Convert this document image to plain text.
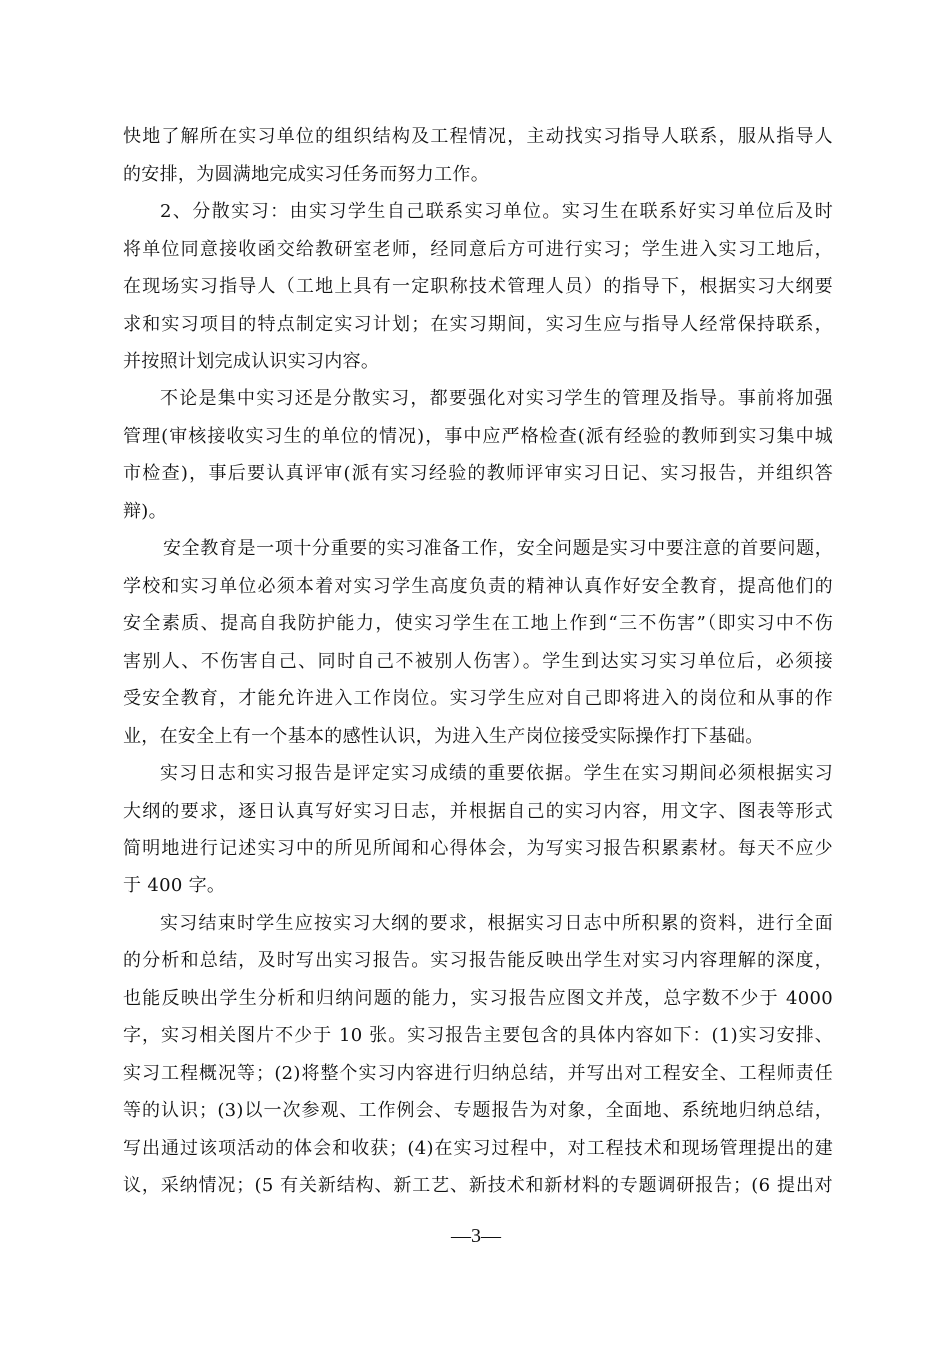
快地了解所在实习单位的组织结构及工程情况，主动找实习指导人联系，服从指导人
的安排，为圆满地完成实习任务而努力工作。
2、分散实习：由实习学生自己联系实习单位。实习生在联系好实习单位后及时
将单位同意接收函交给教研室老师，经同意后方可进行实习；学生进入实习工地后，
在现场实习指导人（工地上具有一定职称技术管理人员）的指导下，根据实习大纲要
求和实习项目的特点制定实习计划；在实习期间，实习生应与指导人经常保持联系，
并按照计划完成认识实习内容。
不论是集中实习还是分散实习，都要强化对实习学生的管理及指导。事前将加强
管理(审核接收实习生的单位的情况)，事中应严格检查(派有经验的教师到实习集中城
市检查)，事后要认真评审(派有实习经验的教师评审实习日记、实习报告，并组织答
辩)。
安全教育是一项十分重要的实习准备工作，安全问题是实习中要注意的首要问题，
学校和实习单位必须本着对实习学生高度负责的精神认真作好安全教育，提高他们的
安全素质、提高自我防护能力，使实习学生在工地上作到“三不伤害”（即实习中不伤
害别人、不伤害自己、同时自己不被别人伤害）。学生到达实习实习单位后，必须接
受安全教育，才能允许进入工作岗位。实习学生应对自己即将进入的岗位和从事的作
业，在安全上有一个基本的感性认识，为进入生产岗位接受实际操作打下基础。
实习日志和实习报告是评定实习成绩的重要依据。学生在实习期间必须根据实习
大纲的要求，逐日认真写好实习日志，并根据自己的实习内容，用文字、图表等形式
简明地进行记述实习中的所见所闻和心得体会，为写实习报告积累素材。每天不应少
于 400 字。
实习结束时学生应按实习大纲的要求，根据实习日志中所积累的资料，进行全面
的分析和总结，及时写出实习报告。实习报告能反映出学生对实习内容理解的深度，
也能反映出学生分析和归纳问题的能力，实习报告应图文并茂，总字数不少于 4000
字，实习相关图片不少于 10 张。实习报告主要包含的具体内容如下：(1)实习安排、
实习工程概况等；(2)将整个实习内容进行归纳总结，并写出对工程安全、工程师责任
等的认识；(3)以一次参观、工作例会、专题报告为对象，全面地、系统地归纳总结，
写出通过该项活动的体会和收获；(4)在实习过程中，对工程技术和现场管理提出的建
议，采纳情况；(5 有关新结构、新工艺、新技术和新材料的专题调研报告；(6 提出对
—3—
